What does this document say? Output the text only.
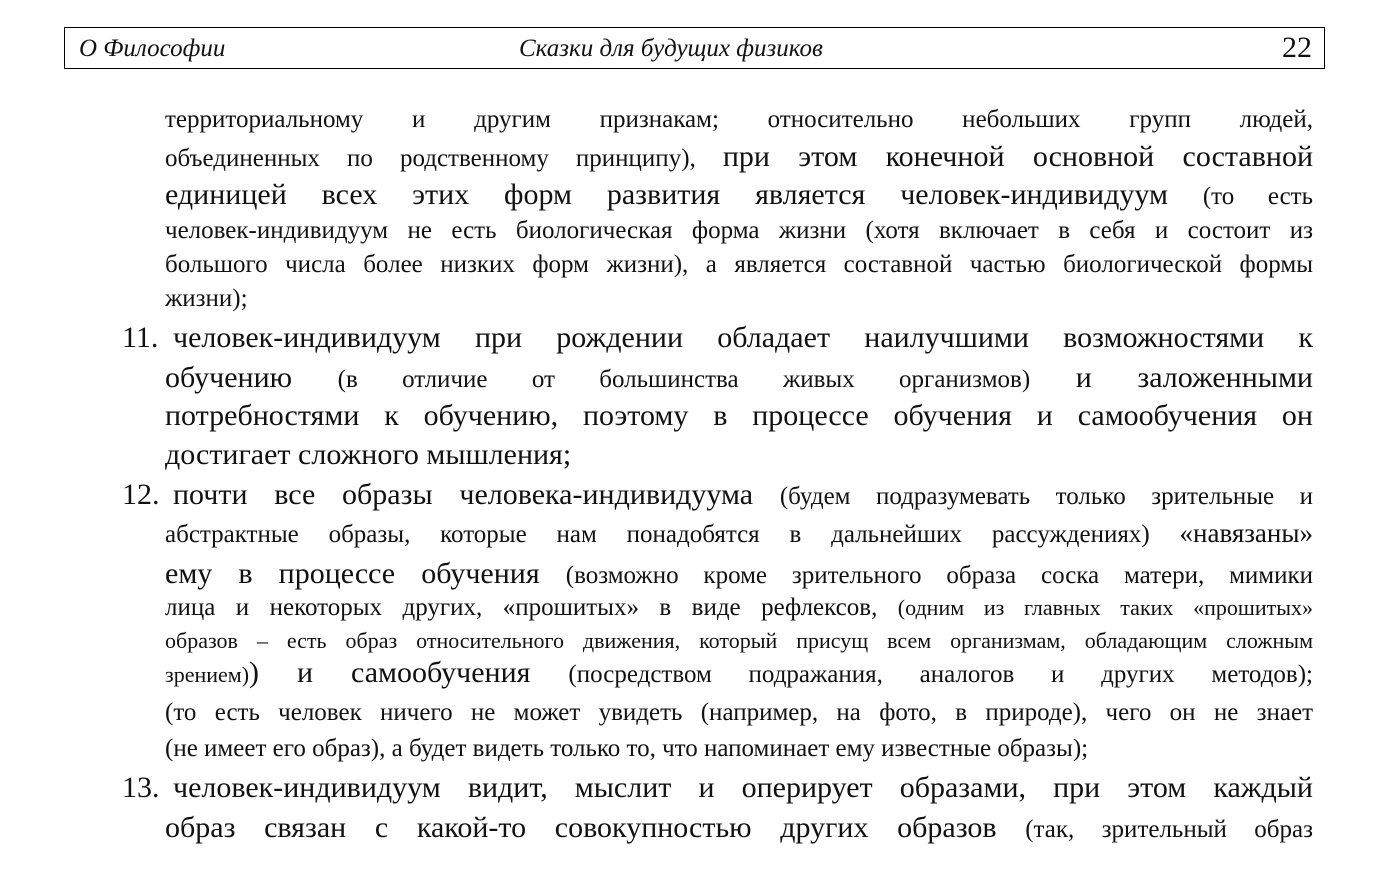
О Философии	Сказки для будущих физиков	22
территориальному и другим признакам; относительно небольших групп людей,
объединенных по родственному принципу), при этом конечной основной составной
единицей всех этих форм развития является человек-индивидуум (то есть
человек-индивидуум не есть биологическая форма жизни (хотя включает в себя и состоит из
большого числа более низких форм жизни), а является составной частью биологической формы
жизни);
11. человек-индивидуум при рождении обладает наилучшими возможностями к
обучению (в отличие от большинства живых организмов) и заложенными
потребностями к обучению, поэтому в процессе обучения и самообучения он
достигает сложного мышления;
12. почти все образы человека-индивидуума (будем подразумевать только зрительные и
абстрактные образы, которые нам понадобятся в дальнейших рассуждениях) «навязаны»
ему в процессе обучения (возможно кроме зрительного образа соска матери, мимики
лица и некоторых других, «прошитых» в виде рефлексов, (одним из главных таких «прошитых»
образов – есть образ относительного движения, который присущ всем организмам, обладающим сложным
зрением)) и самообучения (посредством подражания, аналогов и других методов);
(то есть человек ничего не может увидеть (например, на фото, в природе), чего он не знает
(не имеет его образ), а будет видеть только то, что напоминает ему известные образы);
13. человек-индивидуум видит, мыслит и оперирует образами, при этом каждый
образ связан с какой-то совокупностью других образов (так, зрительный образ
